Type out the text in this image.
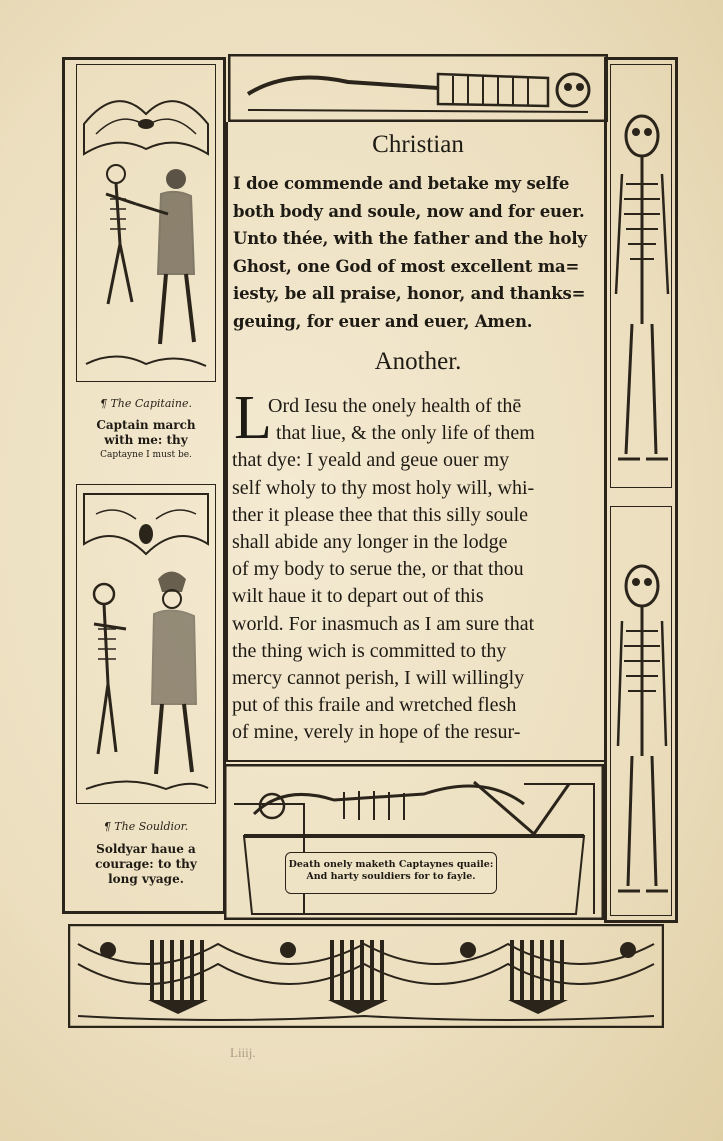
¶ The Capitaine.
Captain march
with me: thy
Captayne I must be.
¶ The Souldior.
Soldyar haue a
courage: to thy
long vyage.
Christian
I doe commende and betake my selfe
both body and soule, now and for euer.
Unto thée, with the father and the holy
Ghost, one God of most excellent ma=
iesty, be all praise, honor, and thanks=
geuing, for euer and euer, Amen.
Another.
L
Ord Iesu the onely health of thē
that liue, & the only life of them
that dye: I yeald and geue ouer my
self wholy to thy most holy will, whi-
ther it please thee that this silly soule
shall abide any longer in the lodge
of my body to serue the, or that thou
wilt haue it to depart out of this
world. For inasmuch as I am sure that
the thing wich is committed to thy
mercy cannot perish, I will willingly
put of this fraile and wretched flesh
of mine, verely in hope of the resur-
Death onely maketh Captaynes quaile:
And harty souldiers for to fayle.
Liiij.
